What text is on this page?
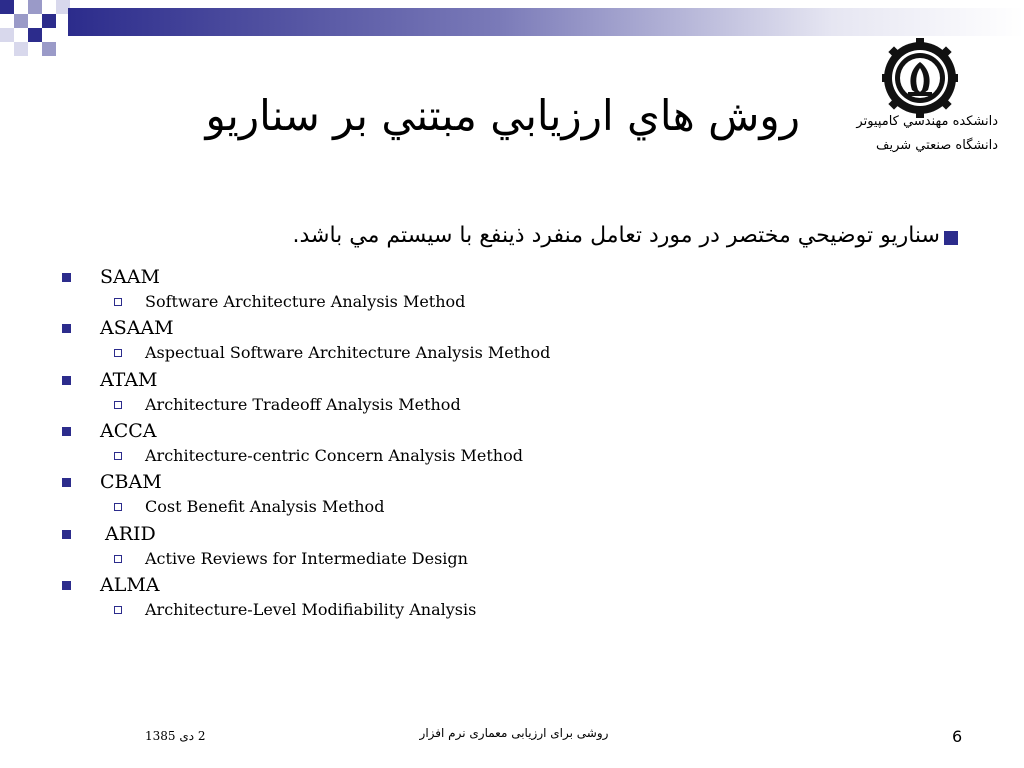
روش هاي ارزيابي مبتني بر سناريو	دانشكده مهندسي كامپيوتر
دانشگاه صنعتي شريف
سناريو توضيحي مختصر در مورد تعامل منفرد ذينفع با سيستم مي باشد.
SAAM
Software Architecture Analysis Method
ASAAM
Aspectual Software Architecture Analysis Method
ATAM
Architecture Tradeoff Analysis Method
ACCA
Architecture-centric Concern Analysis Method
CBAM
Cost Benefit Analysis Method
ARID
Active Reviews for Intermediate Design
ALMA
Architecture-Level Modifiability Analysis
2 دی 1385	روشی برای ارزیابی معماری نرم افزار	6
